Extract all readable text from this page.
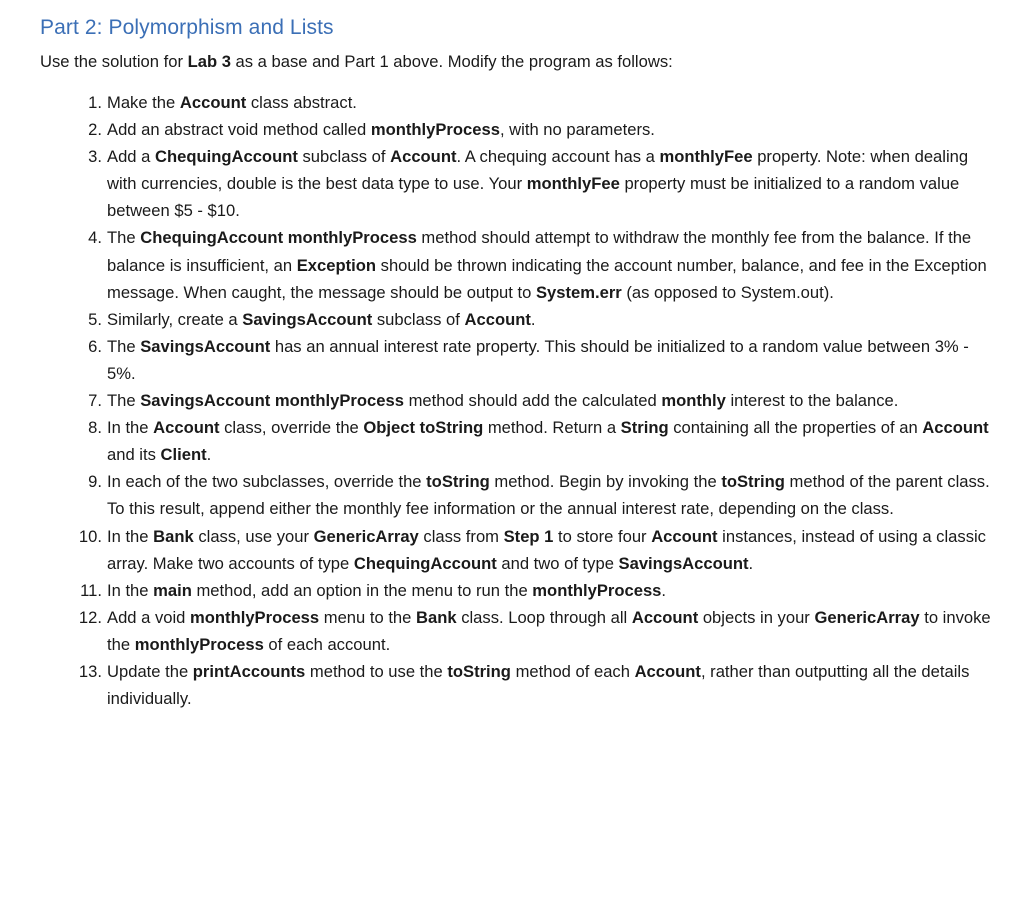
Part 2: Polymorphism and Lists

Use the solution for Lab 3 as a base and Part 1 above. Modify the program as follows:

1. Make the Account class abstract.
2. Add an abstract void method called monthlyProcess, with no parameters.
3. Add a ChequingAccount subclass of Account. A chequing account has a monthlyFee property. Note: when dealing with currencies, double is the best data type to use. Your monthlyFee property must be initialized to a random value between $5 - $10.
4. The ChequingAccount monthlyProcess method should attempt to withdraw the monthly fee from the balance. If the balance is insufficient, an Exception should be thrown indicating the account number, balance, and fee in the Exception message. When caught, the message should be output to System.err (as opposed to System.out).
5. Similarly, create a SavingsAccount subclass of Account.
6. The SavingsAccount has an annual interest rate property. This should be initialized to a random value between 3% - 5%.
7. The SavingsAccount monthlyProcess method should add the calculated monthly interest to the balance.
8. In the Account class, override the Object toString method. Return a String containing all the properties of an Account and its Client.
9. In each of the two subclasses, override the toString method. Begin by invoking the toString method of the parent class. To this result, append either the monthly fee information or the annual interest rate, depending on the class.
10. In the Bank class, use your GenericArray class from Step 1 to store four Account instances, instead of using a classic array. Make two accounts of type ChequingAccount and two of type SavingsAccount.
11. In the main method, add an option in the menu to run the monthlyProcess.
12. Add a void monthlyProcess menu to the Bank class. Loop through all Account objects in your GenericArray to invoke the monthlyProcess of each account.
13. Update the printAccounts method to use the toString method of each Account, rather than outputting all the details individually.
